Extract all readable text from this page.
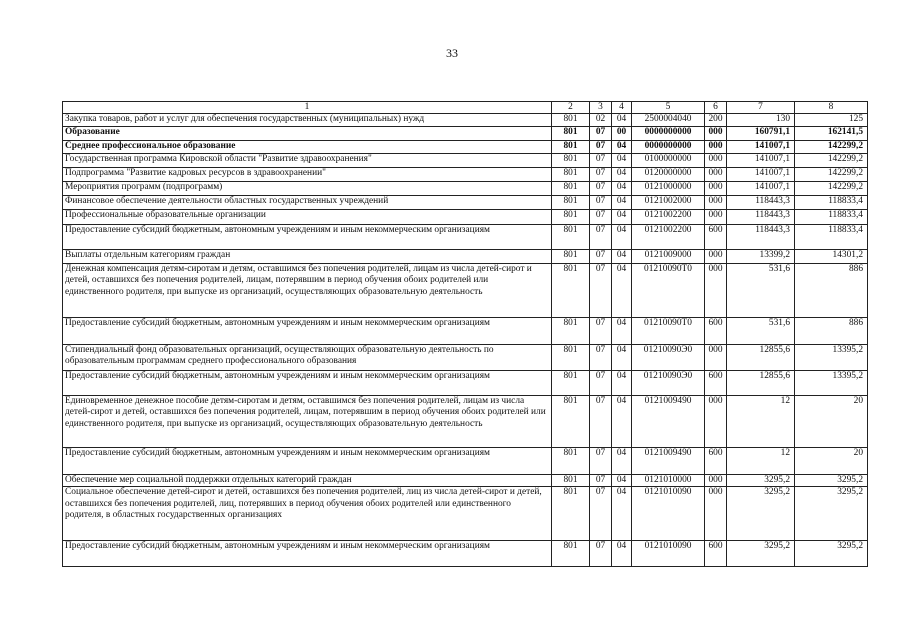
33
1	2	3	4	5	6	7	8
Закупка товаров, работ и услуг для обеспечения государственных (муниципальных) нужд	801	02	04	2500004040	200	130	125
Образование	801	07	00	0000000000	000	160791,1	162141,5
Среднее профессиональное образование	801	07	04	0000000000	000	141007,1	142299,2
Государственная программа Кировской области "Развитие здравоохранения"	801	07	04	0100000000	000	141007,1	142299,2
Подпрограмма "Развитие кадровых ресурсов в здравоохранении"	801	07	04	0120000000	000	141007,1	142299,2
Мероприятия программ (подпрограмм)	801	07	04	0121000000	000	141007,1	142299,2
Финансовое обеспечение деятельности областных государственных учреждений	801	07	04	0121002000	000	118443,3	118833,4
Профессиональные образовательные организации	801	07	04	0121002200	000	118443,3	118833,4
Предоставление субсидий бюджетным, автономным учреждениям и иным некоммерческим организациям	801	07	04	0121002200	600	118443,3	118833,4
Выплаты отдельным категориям граждан	801	07	04	0121009000	000	13399,2	14301,2
Денежная компенсация детям-сиротам и детям, оставшимся без попечения родителей, лицам из числа детей-сирот и детей, оставшихся без попечения родителей, лицам, потерявшим в период обучения обоих родителей или единственного родителя, при выпуске из организаций, осуществляющих образовательную деятельность	801	07	04	01210090Т0	000	531,6	886
Предоставление субсидий бюджетным, автономным учреждениям и иным некоммерческим организациям	801	07	04	01210090Т0	600	531,6	886
Стипендиальный фонд образовательных организаций, осуществляющих образовательную деятельность по образовательным программам среднего профессионального образования	801	07	04	01210090Э0	000	12855,6	13395,2
Предоставление субсидий бюджетным, автономным учреждениям и иным некоммерческим организациям	801	07	04	01210090Э0	600	12855,6	13395,2
Единовременное денежное пособие детям-сиротам и детям, оставшимся без попечения родителей, лицам из числа детей-сирот и детей, оставшихся без попечения родителей, лицам, потерявшим в период обучения обоих родителей или единственного родителя, при выпуске из организаций, осуществляющих образовательную деятельность	801	07	04	0121009490	000	12	20
Предоставление субсидий бюджетным, автономным учреждениям и иным некоммерческим организациям	801	07	04	0121009490	600	12	20
Обеспечение мер социальной поддержки отдельных категорий граждан	801	07	04	0121010000	000	3295,2	3295,2
Социальное обеспечение детей-сирот и детей, оставшихся без попечения родителей, лиц из числа детей-сирот и детей, оставшихся без попечения родителей, лиц, потерявших в период обучения обоих родителей или единственного родителя, в областных государственных организациях	801	07	04	0121010090	000	3295,2	3295,2
Предоставление субсидий бюджетным, автономным учреждениям и иным некоммерческим организациям	801	07	04	0121010090	600	3295,2	3295,2
